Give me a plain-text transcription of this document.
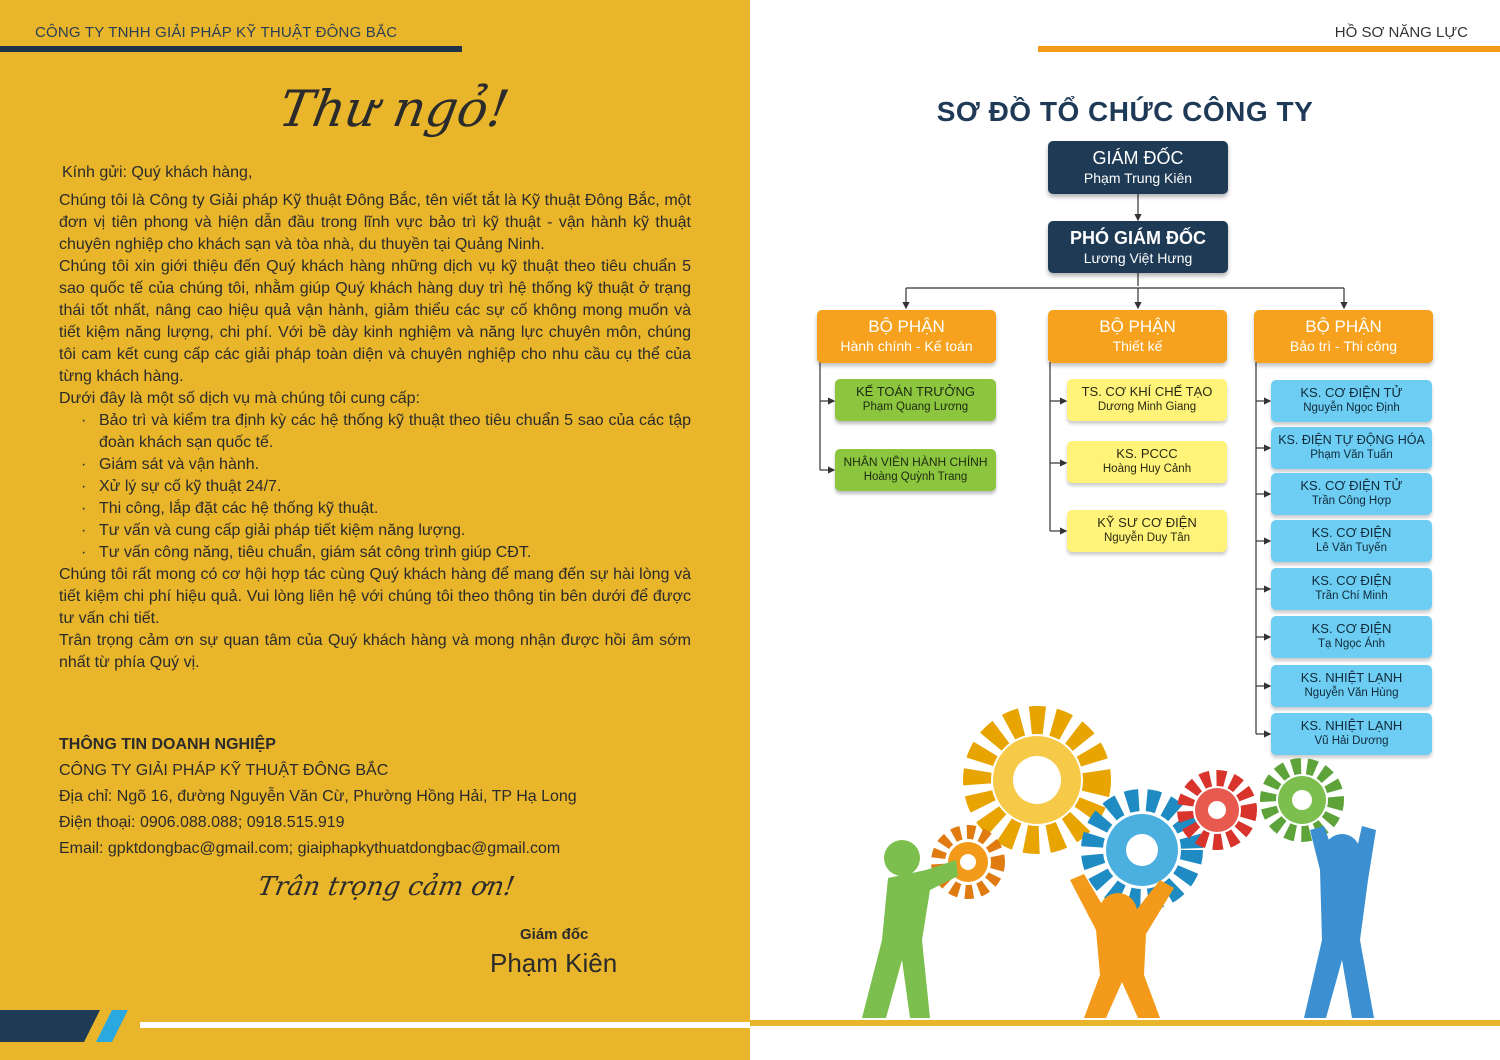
CÔNG TY TNHH GIẢI PHÁP KỸ THUẬT ĐÔNG BẮC
Thư ngỏ!

Kính gửi: Quý khách hàng,

Chúng tôi là Công ty Giải pháp Kỹ thuật Đông Bắc, tên viết tắt là Kỹ thuật Đông Bắc, một đơn vị tiên phong và hiện dẫn đầu trong lĩnh vực bảo trì kỹ thuật - vận hành kỹ thuật chuyên nghiệp cho khách sạn và tòa nhà, du thuyền tại Quảng Ninh.

Chúng tôi xin giới thiệu đến Quý khách hàng những dịch vụ kỹ thuật theo tiêu chuẩn 5 sao quốc tế của chúng tôi, nhằm giúp Quý khách hàng duy trì hệ thống kỹ thuật ở trạng thái tốt nhất, nâng cao hiệu quả vận hành, giảm thiểu các sự cố không mong muốn và tiết kiệm năng lượng, chi phí. Với bề dày kinh nghiệm và năng lực chuyên môn, chúng tôi cam kết cung cấp các giải pháp toàn diện và chuyên nghiệp cho nhu cầu cụ thể của từng khách hàng.

Dưới đây là một số dịch vụ mà chúng tôi cung cấp:

· Bảo trì và kiểm tra định kỳ các hệ thống kỹ thuật theo tiêu chuẩn 5 sao của các tập đoàn khách sạn quốc tế.
· Giám sát và vận hành.
· Xử lý sự cố kỹ thuật 24/7.
· Thi công, lắp đặt các hệ thống kỹ thuật.
· Tư vấn và cung cấp giải pháp tiết kiệm năng lượng.
· Tư vấn công năng, tiêu chuẩn, giám sát công trình giúp CĐT.

Chúng tôi rất mong có cơ hội hợp tác cùng Quý khách hàng để mang đến sự hài lòng và tiết kiệm chi phí hiệu quả. Vui lòng liên hệ với chúng tôi theo thông tin bên dưới để được tư vấn chi tiết.

Trân trọng cảm ơn sự quan tâm của Quý khách hàng và mong nhận được hồi âm sớm nhất từ phía Quý vị.

THÔNG TIN DOANH NGHIỆP
CÔNG TY GIẢI PHÁP KỸ THUẬT ĐÔNG BẮC
Địa chỉ: Ngõ 16, đường Nguyễn Văn Cừ, Phường Hồng Hải, TP Hạ Long
Điện thoại: 0906.088.088; 0918.515.919
Email: gpktdongbac@gmail.com; giaiphapkythuatdongbac@gmail.com
Trân trọng cảm ơn!
Giám đốc
Phạm Kiên
HỒ SƠ NĂNG LỰC
SƠ ĐỒ TỔ CHỨC CÔNG TY
GIÁM ĐỐC
Phạm Trung Kiên
PHÓ GIÁM ĐỐC
Lương Việt Hưng
BỘ PHẬN
Hành chính - Kế toán
BỘ PHẬN
Thiết kế
BỘ PHẬN
Bảo trì - Thi công
KẾ TOÁN TRƯỞNG
Phạm Quang Lương
NHÂN VIÊN HÀNH CHÍNH
Hoàng Quỳnh Trang
TS. CƠ KHÍ CHẾ TẠO
Dương Minh Giang
KS. PCCC
Hoàng Huy Cảnh
KỸ SƯ CƠ ĐIỆN
Nguyễn Duy Tân
KS. CƠ ĐIỆN TỬ
Nguyễn Ngọc Định
KS. ĐIỆN TỰ ĐỘNG HÓA
Phạm Văn Tuấn
KS. CƠ ĐIỆN TỬ
Trần Công Hợp
KS. CƠ ĐIỆN
Lê Văn Tuyến
KS. CƠ ĐIỆN
Trần Chí Minh
KS. CƠ ĐIỆN
Tạ Ngọc Ánh
KS. NHIỆT LẠNH
Nguyễn Văn Hùng
KS. NHIỆT LẠNH
Vũ Hải Dương
